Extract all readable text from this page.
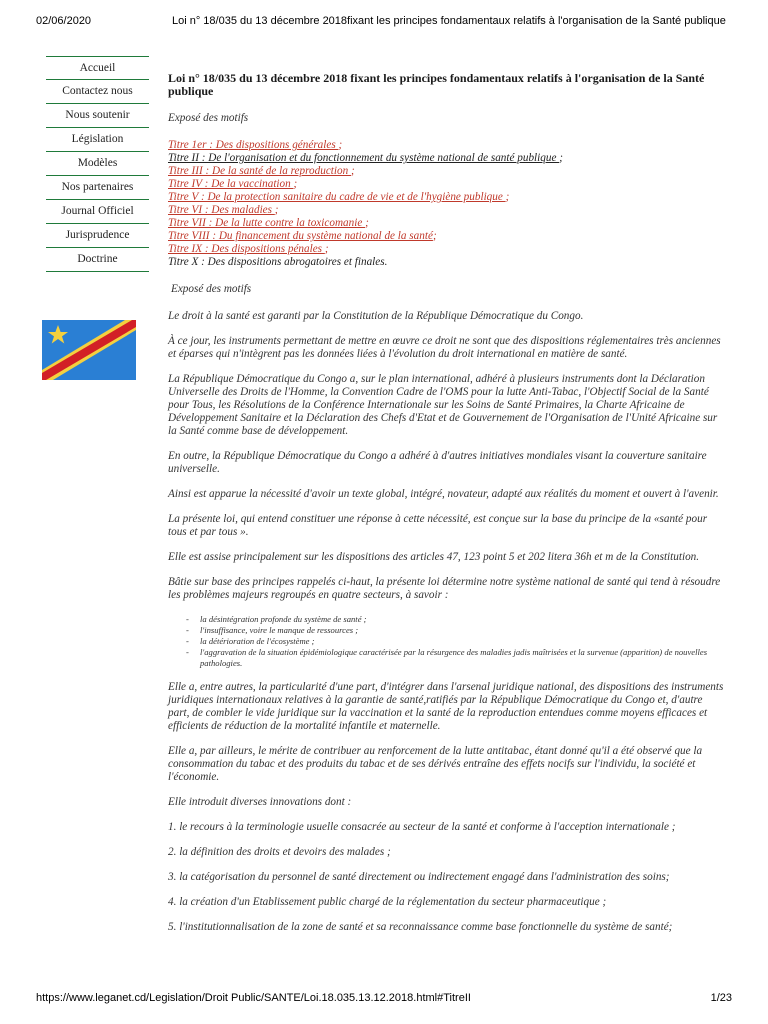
02/06/2020	Loi n° 18/035 du 13 décembre 2018fixant les principes fondamentaux relatifs à l'organisation de la Santé publique
Accueil
Contactez nous
Nous soutenir
Législation
Modèles
Nos partenaires
Journal Officiel
Jurisprudence
Doctrine
Loi n° 18/035 du 13 décembre 2018 fixant les principes fondamentaux relatifs à l'organisation de la Santé publique
Exposé des motifs
Titre 1er : Des dispositions générales ;
Titre II : De l'organisation et du fonctionnement du système national de santé publique ;
Titre III : De la santé de la reproduction ;
Titre IV : De la vaccination ;
Titre V : De la protection sanitaire du cadre de vie et de l'hygiène publique ;
Titre VI : Des maladies ;
Titre VII : De la lutte contre la toxicomanie ;
Titre VIII : Du financement du système national de la santé;
Titre IX : Des dispositions pénales ;
Titre X : Des dispositions abrogatoires et finales.
Exposé des motifs

Le droit à la santé est garanti par la Constitution de la République Démocratique du Congo.

À ce jour, les instruments permettant de mettre en œuvre ce droit ne sont que des dispositions réglementaires très anciennes et éparses qui n'intègrent pas les données liées à l'évolution du droit international en matière de santé.

La République Démocratique du Congo a, sur le plan international, adhéré à plusieurs instruments dont la Déclaration Universelle des Droits de l'Homme, la Convention Cadre de l'OMS pour la lutte Anti-Tabac, l'Objectif Social de la Santé pour Tous, les Résolutions de la Conférence Internationale sur les Soins de Santé Primaires, la Charte Africaine de Développement Sanitaire et la Déclaration des Chefs d'Etat et de Gouvernement de l'Organisation de l'Unité Africaine sur la Santé comme base de développement.

En outre, la République Démocratique du Congo a adhéré à d'autres initiatives mondiales visant la couverture sanitaire universelle.

Ainsi est apparue la nécessité d'avoir un texte global, intégré, novateur, adapté aux réalités du moment et ouvert à l'avenir.

La présente loi, qui entend constituer une réponse à cette nécessité, est conçue sur la base du principe de la «santé pour tous et par tous ».

Elle est assise principalement sur les dispositions des articles 47, 123 point 5 et 202 litera 36h et m de la Constitution.

Bâtie sur base des principes rappelés ci-haut, la présente loi détermine notre système national de santé qui tend à résoudre les problèmes majeurs regroupés en quatre secteurs, à savoir :

- la désintégration profonde du système de santé ;
- l'insuffisance, voire le manque de ressources ;
- la détérioration de l'écosystème ;
- l'aggravation de la situation épidémiologique caractérisée par la résurgence des maladies jadis maîtrisées et la survenue (apparition) de nouvelles pathologies.

Elle a, entre autres, la particularité d'une part, d'intégrer dans l'arsenal juridique national, des dispositions des instruments juridiques internationaux relatives à la garantie de santé,ratifiés par la République Démocratique du Congo et, d'autre part, de combler le vide juridique sur la vaccination et la santé de la reproduction entendues comme moyens efficaces et efficients de réduction de la mortalité infantile et maternelle.

Elle a, par ailleurs, le mérite de contribuer au renforcement de la lutte antitabac, étant donné qu'il a été observé que la consommation du tabac et des produits du tabac et de ses dérivés entraîne des effets nocifs sur l'individu, la société et l'économie.

Elle introduit diverses innovations dont :

1. le recours à la terminologie usuelle consacrée au secteur de la santé et conforme à l'acception internationale ;

2. la définition des droits et devoirs des malades ;

3. la catégorisation du personnel de santé directement ou indirectement engagé dans l'administration des soins;

4. la création d'un Etablissement public chargé de la réglementation du secteur pharmaceutique ;

5. l'institutionnalisation de la zone de santé et sa reconnaissance comme base fonctionnelle du système de santé;

https://www.leganet.cd/Legislation/Droit Public/SANTE/Loi.18.035.13.12.2018.html#TitreII	1/23
